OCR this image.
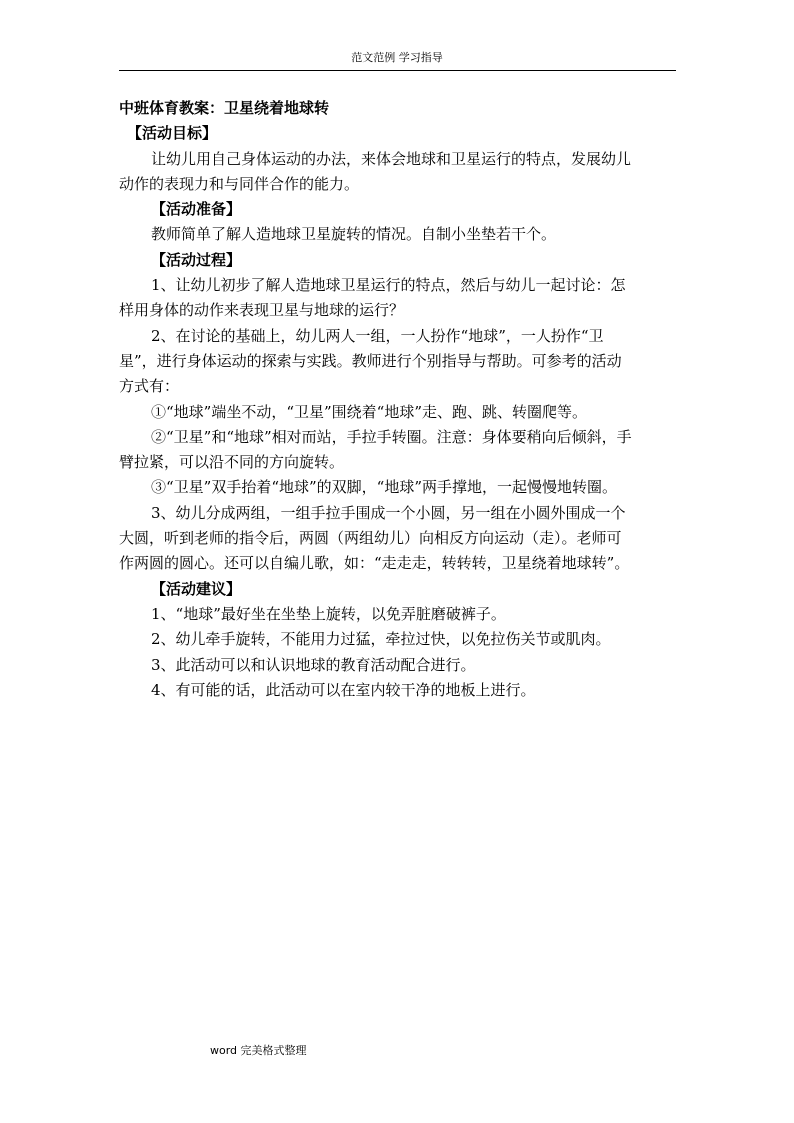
范文范例 学习指导
中班体育教案：卫星绕着地球转
【活动目标】
让幼儿用自己身体运动的办法，来体会地球和卫星运行的特点，发展幼儿
动作的表现力和与同伴合作的能力。
【活动准备】
教师简单了解人造地球卫星旋转的情况。自制小坐垫若干个。
【活动过程】
1、让幼儿初步了解人造地球卫星运行的特点，然后与幼儿一起讨论：怎
样用身体的动作来表现卫星与地球的运行？
2、在讨论的基础上，幼儿两人一组，一人扮作“地球”，一人扮作“卫
星”，进行身体运动的探索与实践。教师进行个别指导与帮助。可参考的活动
方式有：
①“地球”端坐不动，“卫星”围绕着“地球”走、跑、跳、转圈爬等。
②“卫星”和“地球”相对而站，手拉手转圈。注意：身体要稍向后倾斜，手
臂拉紧，可以沿不同的方向旋转。
③“卫星”双手抬着“地球”的双脚，“地球”两手撑地，一起慢慢地转圈。
3、幼儿分成两组，一组手拉手围成一个小圆，另一组在小圆外围成一个
大圆，听到老师的指令后，两圆（两组幼儿）向相反方向运动（走）。老师可
作两圆的圆心。还可以自编儿歌，如：“走走走，转转转，卫星绕着地球转”。
【活动建议】
1、“地球”最好坐在坐垫上旋转，以免弄脏磨破裤子。
2、幼儿牵手旋转，不能用力过猛，牵拉过快，以免拉伤关节或肌肉。
3、此活动可以和认识地球的教育活动配合进行。
4、有可能的话，此活动可以在室内较干净的地板上进行。
word 完美格式整理
